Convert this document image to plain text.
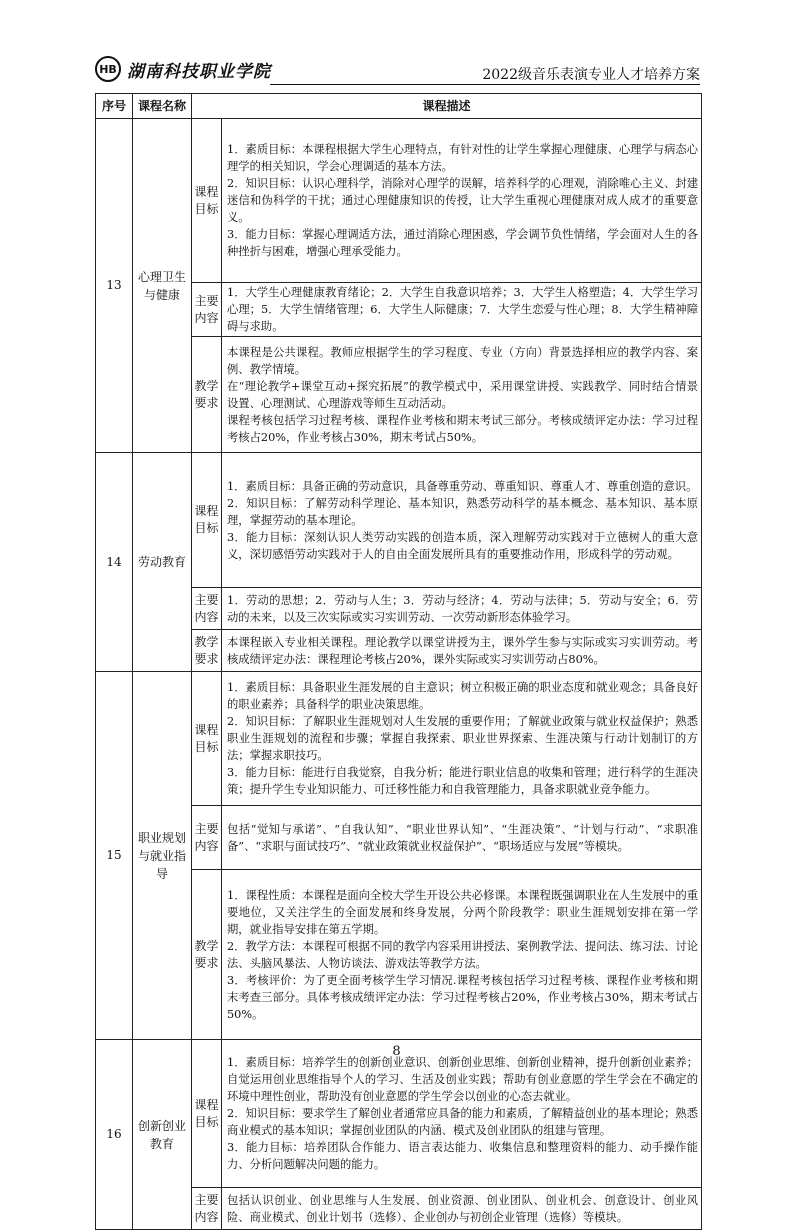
HB 湖南科技职业学院	2022级音乐表演专业人才培养方案
序号	课程名称	课程描述	
13	心理卫生与健康	课程目标	1．素质目标：本课程根据大学生心理特点，有针对性的让学生掌握心理健康、心理学与病态心理学的相关知识，学会心理调适的基本方法。
2．知识目标：认识心理科学，消除对心理学的误解，培养科学的心理观，消除唯心主义、封建迷信和伪科学的干扰；通过心理健康知识的传授，让大学生重视心理健康对成人成才的重要意义。
3．能力目标：掌握心理调适方法，通过消除心理困惑，学会调节负性情绪，学会面对人生的各种挫折与困难，增强心理承受能力。

		主要内容	1．大学生心理健康教育绪论；2．大学生自我意识培养；3．大学生人格塑造；4．大学生学习心理；5．大学生情绪管理；6．大学生人际健康；7．大学生恋爱与性心理；8．大学生精神障碍与求助。

		教学要求	本课程是公共课程。教师应根据学生的学习程度、专业（方向）背景选择相应的教学内容、案例、教学情境。
在“理论教学+课堂互动+探究拓展”的教学模式中，采用课堂讲授、实践教学、同时结合情景设置、心理测试、心理游戏等师生互动活动。
课程考核包括学习过程考核、课程作业考核和期末考试三部分。考核成绩评定办法：学习过程考核占20%，作业考核占30%，期末考试占50%。

14	劳动教育	课程目标	1．素质目标：具备正确的劳动意识，具备尊重劳动、尊重知识、尊重人才、尊重创造的意识。
2．知识目标：了解劳动科学理论、基本知识，熟悉劳动科学的基本概念、基本知识、基本原理，掌握劳动的基本理论。
3．能力目标：深刻认识人类劳动实践的创造本质，深入理解劳动实践对于立德树人的重大意义，深切感悟劳动实践对于人的自由全面发展所具有的重要推动作用，形成科学的劳动观。

		主要内容	1．劳动的思想；2．劳动与人生；3．劳动与经济；4．劳动与法律；5．劳动与安全；6．劳动的未来，以及三次实际或实习实训劳动、一次劳动新形态体验学习。

		教学要求	本课程嵌入专业相关课程。理论教学以课堂讲授为主，课外学生参与实际或实习实训劳动。考核成绩评定办法：课程理论考核占20%，课外实际或实习实训劳动占80%。

15	职业规划与就业指导	课程目标	1．素质目标：具备职业生涯发展的自主意识；树立积极正确的职业态度和就业观念；具备良好的职业素养；具备科学的职业决策思维。
2．知识目标：了解职业生涯规划对人生发展的重要作用；了解就业政策与就业权益保护；熟悉职业生涯规划的流程和步骤；掌握自我探索、职业世界探索、生涯决策与行动计划制订的方法；掌握求职技巧。
3．能力目标：能进行自我觉察，自我分析；能进行职业信息的收集和管理；进行科学的生涯决策；提升学生专业知识能力、可迁移性能力和自我管理能力，具备求职就业竞争能力。

		主要内容	包括“觉知与承诺”、“自我认知”、“职业世界认知”、“生涯决策”、“计划与行动”、“求职准备”、“求职与面试技巧”、“就业政策就业权益保护”、“职场适应与发展”等模块。

		教学要求	1．课程性质：本课程是面向全校大学生开设公共必修课。本课程既强调职业在人生发展中的重要地位，又关注学生的全面发展和终身发展，分两个阶段教学：职业生涯规划安排在第一学期，就业指导安排在第五学期。
2．教学方法：本课程可根据不同的教学内容采用讲授法、案例教学法、提问法、练习法、讨论法、头脑风暴法、人物访谈法、游戏法等教学方法。
3．考核评价：为了更全面考核学生学习情况.课程考核包括学习过程考核、课程作业考核和期末考查三部分。具体考核成绩评定办法：学习过程考核占20%，作业考核占30%，期末考试占50%。

16	创新创业教育	课程目标	1．素质目标：培养学生的创新创业意识、创新创业思维、创新创业精神，提升创新创业素养；自觉运用创业思维指导个人的学习、生活及创业实践；帮助有创业意愿的学生学会在不确定的环境中理性创业，帮助没有创业意愿的学生学会以创业的心态去就业。
2．知识目标：要求学生了解创业者通常应具备的能力和素质，了解精益创业的基本理论；熟悉商业模式的基本知识；掌握创业团队的内涵、模式及创业团队的组建与管理。
3．能力目标：培养团队合作能力、语言表达能力、收集信息和整理资料的能力、动手操作能力、分析问题解决问题的能力。

		主要内容	包括认识创业、创业思维与人生发展、创业资源、创业团队、创业机会、创意设计、创业风险、商业模式、创业计划书（选修）、企业创办与初创企业管理（选修）等模块。
8
